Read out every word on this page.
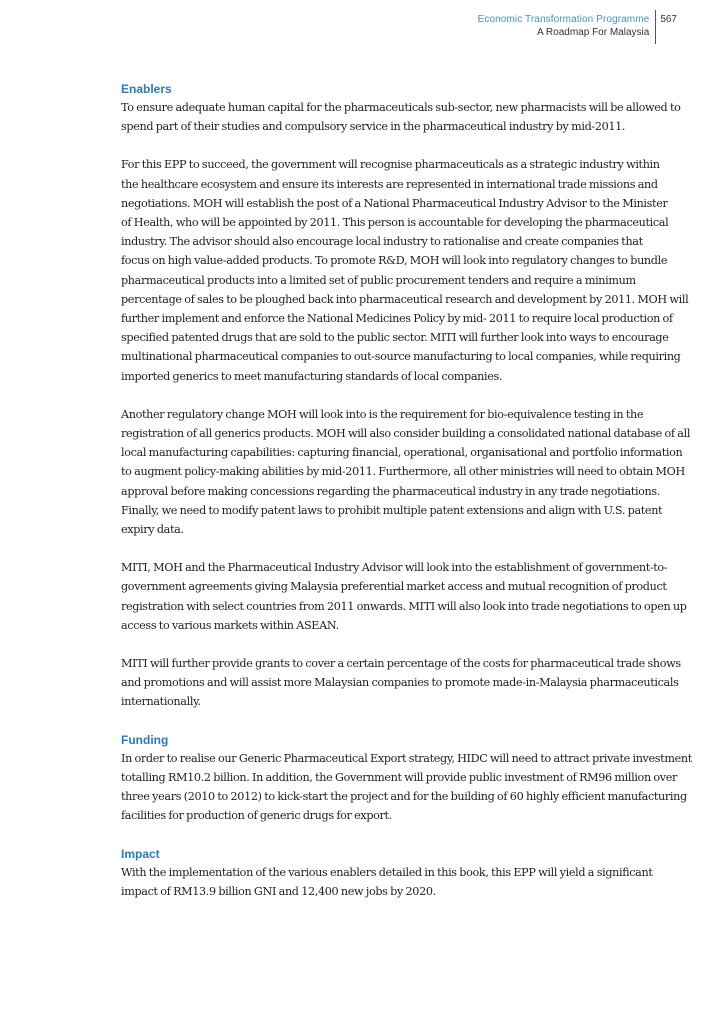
Economic Transformation Programme
A Roadmap For Malaysia
567
Enablers

To ensure adequate human capital for the pharmaceuticals sub-sector, new pharmacists will be allowed to
spend part of their studies and compulsory service in the pharmaceutical industry by mid-2011.

For this EPP to succeed, the government will recognise pharmaceuticals as a strategic industry within
the healthcare ecosystem and ensure its interests are represented in international trade missions and
negotiations. MOH will establish the post of a National Pharmaceutical Industry Advisor to the Minister
of Health, who will be appointed by 2011. This person is accountable for developing the pharmaceutical
industry. The advisor should also encourage local industry to rationalise and create companies that
focus on high value-added products. To promote R&D, MOH will look into regulatory changes to bundle
pharmaceutical products into a limited set of public procurement tenders and require a minimum
percentage of sales to be ploughed back into pharmaceutical research and development by 2011. MOH will
further implement and enforce the National Medicines Policy by mid- 2011 to require local production of
specified patented drugs that are sold to the public sector. MITI will further look into ways to encourage
multinational pharmaceutical companies to out-source manufacturing to local companies, while requiring
imported generics to meet manufacturing standards of local companies.

Another regulatory change MOH will look into is the requirement for bio-equivalence testing in the
registration of all generics products. MOH will also consider building a consolidated national database of all
local manufacturing capabilities: capturing financial, operational, organisational and portfolio information
to augment policy-making abilities by mid-2011. Furthermore, all other ministries will need to obtain MOH
approval before making concessions regarding the pharmaceutical industry in any trade negotiations.
Finally, we need to modify patent laws to prohibit multiple patent extensions and align with U.S. patent
expiry data.

MITI, MOH and the Pharmaceutical Industry Advisor will look into the establishment of government-to-
government agreements giving Malaysia preferential market access and mutual recognition of product
registration with select countries from 2011 onwards. MITI will also look into trade negotiations to open up
access to various markets within ASEAN.

MITI will further provide grants to cover a certain percentage of the costs for pharmaceutical trade shows
and promotions and will assist more Malaysian companies to promote made-in-Malaysia pharmaceuticals
internationally.

Funding

In order to realise our Generic Pharmaceutical Export strategy, HIDC will need to attract private investment
totalling RM10.2 billion. In addition, the Government will provide public investment of RM96 million over
three years (2010 to 2012) to kick-start the project and for the building of 60 highly efficient manufacturing
facilities for production of generic drugs for export.

Impact

With the implementation of the various enablers detailed in this book, this EPP will yield a significant
impact of RM13.9 billion GNI and 12,400 new jobs by 2020.
